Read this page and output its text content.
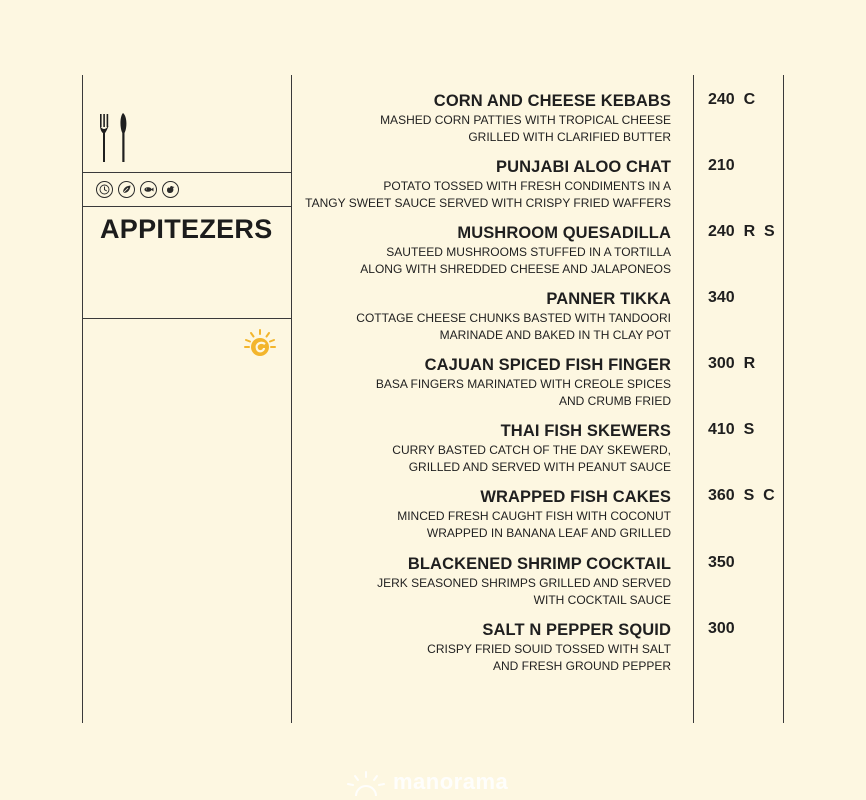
APPITEZERS
CORN AND CHEESE KEBABS
MASHED CORN PATTIES WITH TROPICAL CHEESE
GRILLED WITH CLARIFIED BUTTER
240  C
PUNJABI ALOO CHAT
POTATO TOSSED WITH FRESH CONDIMENTS IN A
TANGY SWEET SAUCE SERVED WITH CRISPY FRIED WAFFERS
210
MUSHROOM QUESADILLA
SAUTEED MUSHROOMS STUFFED IN A TORTILLA
ALONG WITH SHREDDED CHEESE AND JALAPONEOS
240  R  S
PANNER TIKKA
COTTAGE CHEESE CHUNKS BASTED WITH TANDOORI
MARINADE AND BAKED IN TH CLAY POT
340
CAJUAN SPICED FISH FINGER
BASA FINGERS MARINATED WITH CREOLE SPICES
AND CRUMB FRIED
300  R
THAI FISH SKEWERS
CURRY BASTED CATCH OF THE DAY SKEWERD,
GRILLED AND SERVED WITH PEANUT SAUCE
410  S
WRAPPED FISH CAKES
MINCED FRESH CAUGHT FISH WITH COCONUT
WRAPPED IN BANANA LEAF AND GRILLED
360  S  C
BLACKENED SHRIMP COCKTAIL
JERK SEASONED SHRIMPS GRILLED AND SERVED
WITH COCKTAIL SAUCE
350
SALT N PEPPER SQUID
CRISPY FRIED SOUID TOSSED WITH SALT
AND FRESH GROUND PEPPER
300
manorama
